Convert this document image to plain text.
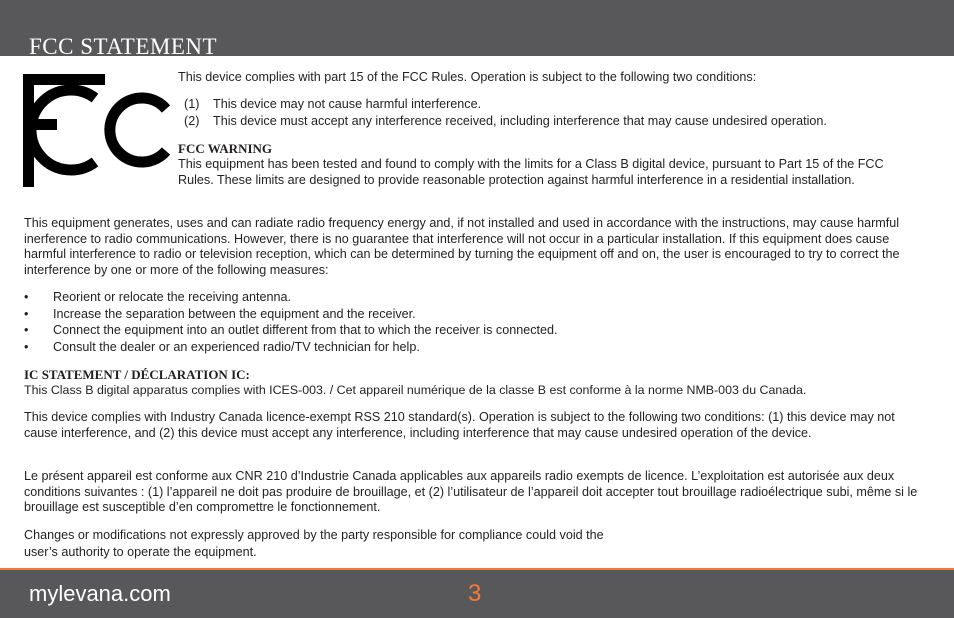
FCC STATEMENT

This device complies with part 15 of the FCC Rules. Operation is subject to the following two conditions:

(1) This device may not cause harmful interference.
(2) This device must accept any interference received, including interference that may cause undesired operation.
FCC WARNING

This equipment has been tested and found to comply with the limits for a Class B digital device, pursuant to Part 15 of the FCC Rules. These limits are designed to provide reasonable protection against harmful interference in a residential installation.

This equipment generates, uses and can radiate radio frequency energy and, if not installed and used in accordance with the instructions, may cause harmful inerference to radio communications. However, there is no guarantee that interference will not occur in a particular installation. If this equipment does cause harmful interference to radio or television reception, which can be determined by turning the equipment off and on, the user is encouraged to try to correct the interference by one or more of the following measures:

• Reorient or relocate the receiving antenna.
• Increase the separation between the equipment and the receiver.
• Connect the equipment into an outlet different from that to which the receiver is connected.
• Consult the dealer or an experienced radio/TV technician for help.
IC STATEMENT / DÉCLARATION IC:

This Class B digital apparatus complies with ICES-003. / Cet appareil numérique de la classe B est conforme à la norme NMB-003 du Canada.

This device complies with Industry Canada licence-exempt RSS 210 standard(s). Operation is subject to the following two conditions: (1) this device may not cause interference, and (2) this device must accept any interference, including interference that may cause undesired operation of the device.

Le présent appareil est conforme aux CNR 210 d’Industrie Canada applicables aux appareils radio exempts de licence. L’exploitation est autorisée aux deux conditions suivantes : (1) l’appareil ne doit pas produire de brouillage, et (2) l’utilisateur de l’appareil doit accepter tout brouillage radioélectrique subi, même si le brouillage est susceptible d’en compromettre le fonctionnement.

Changes or modiﬁcations not expressly approved by the party responsible for compliance could void the

user’s authority to operate the equipment.

mylevana.com	3
